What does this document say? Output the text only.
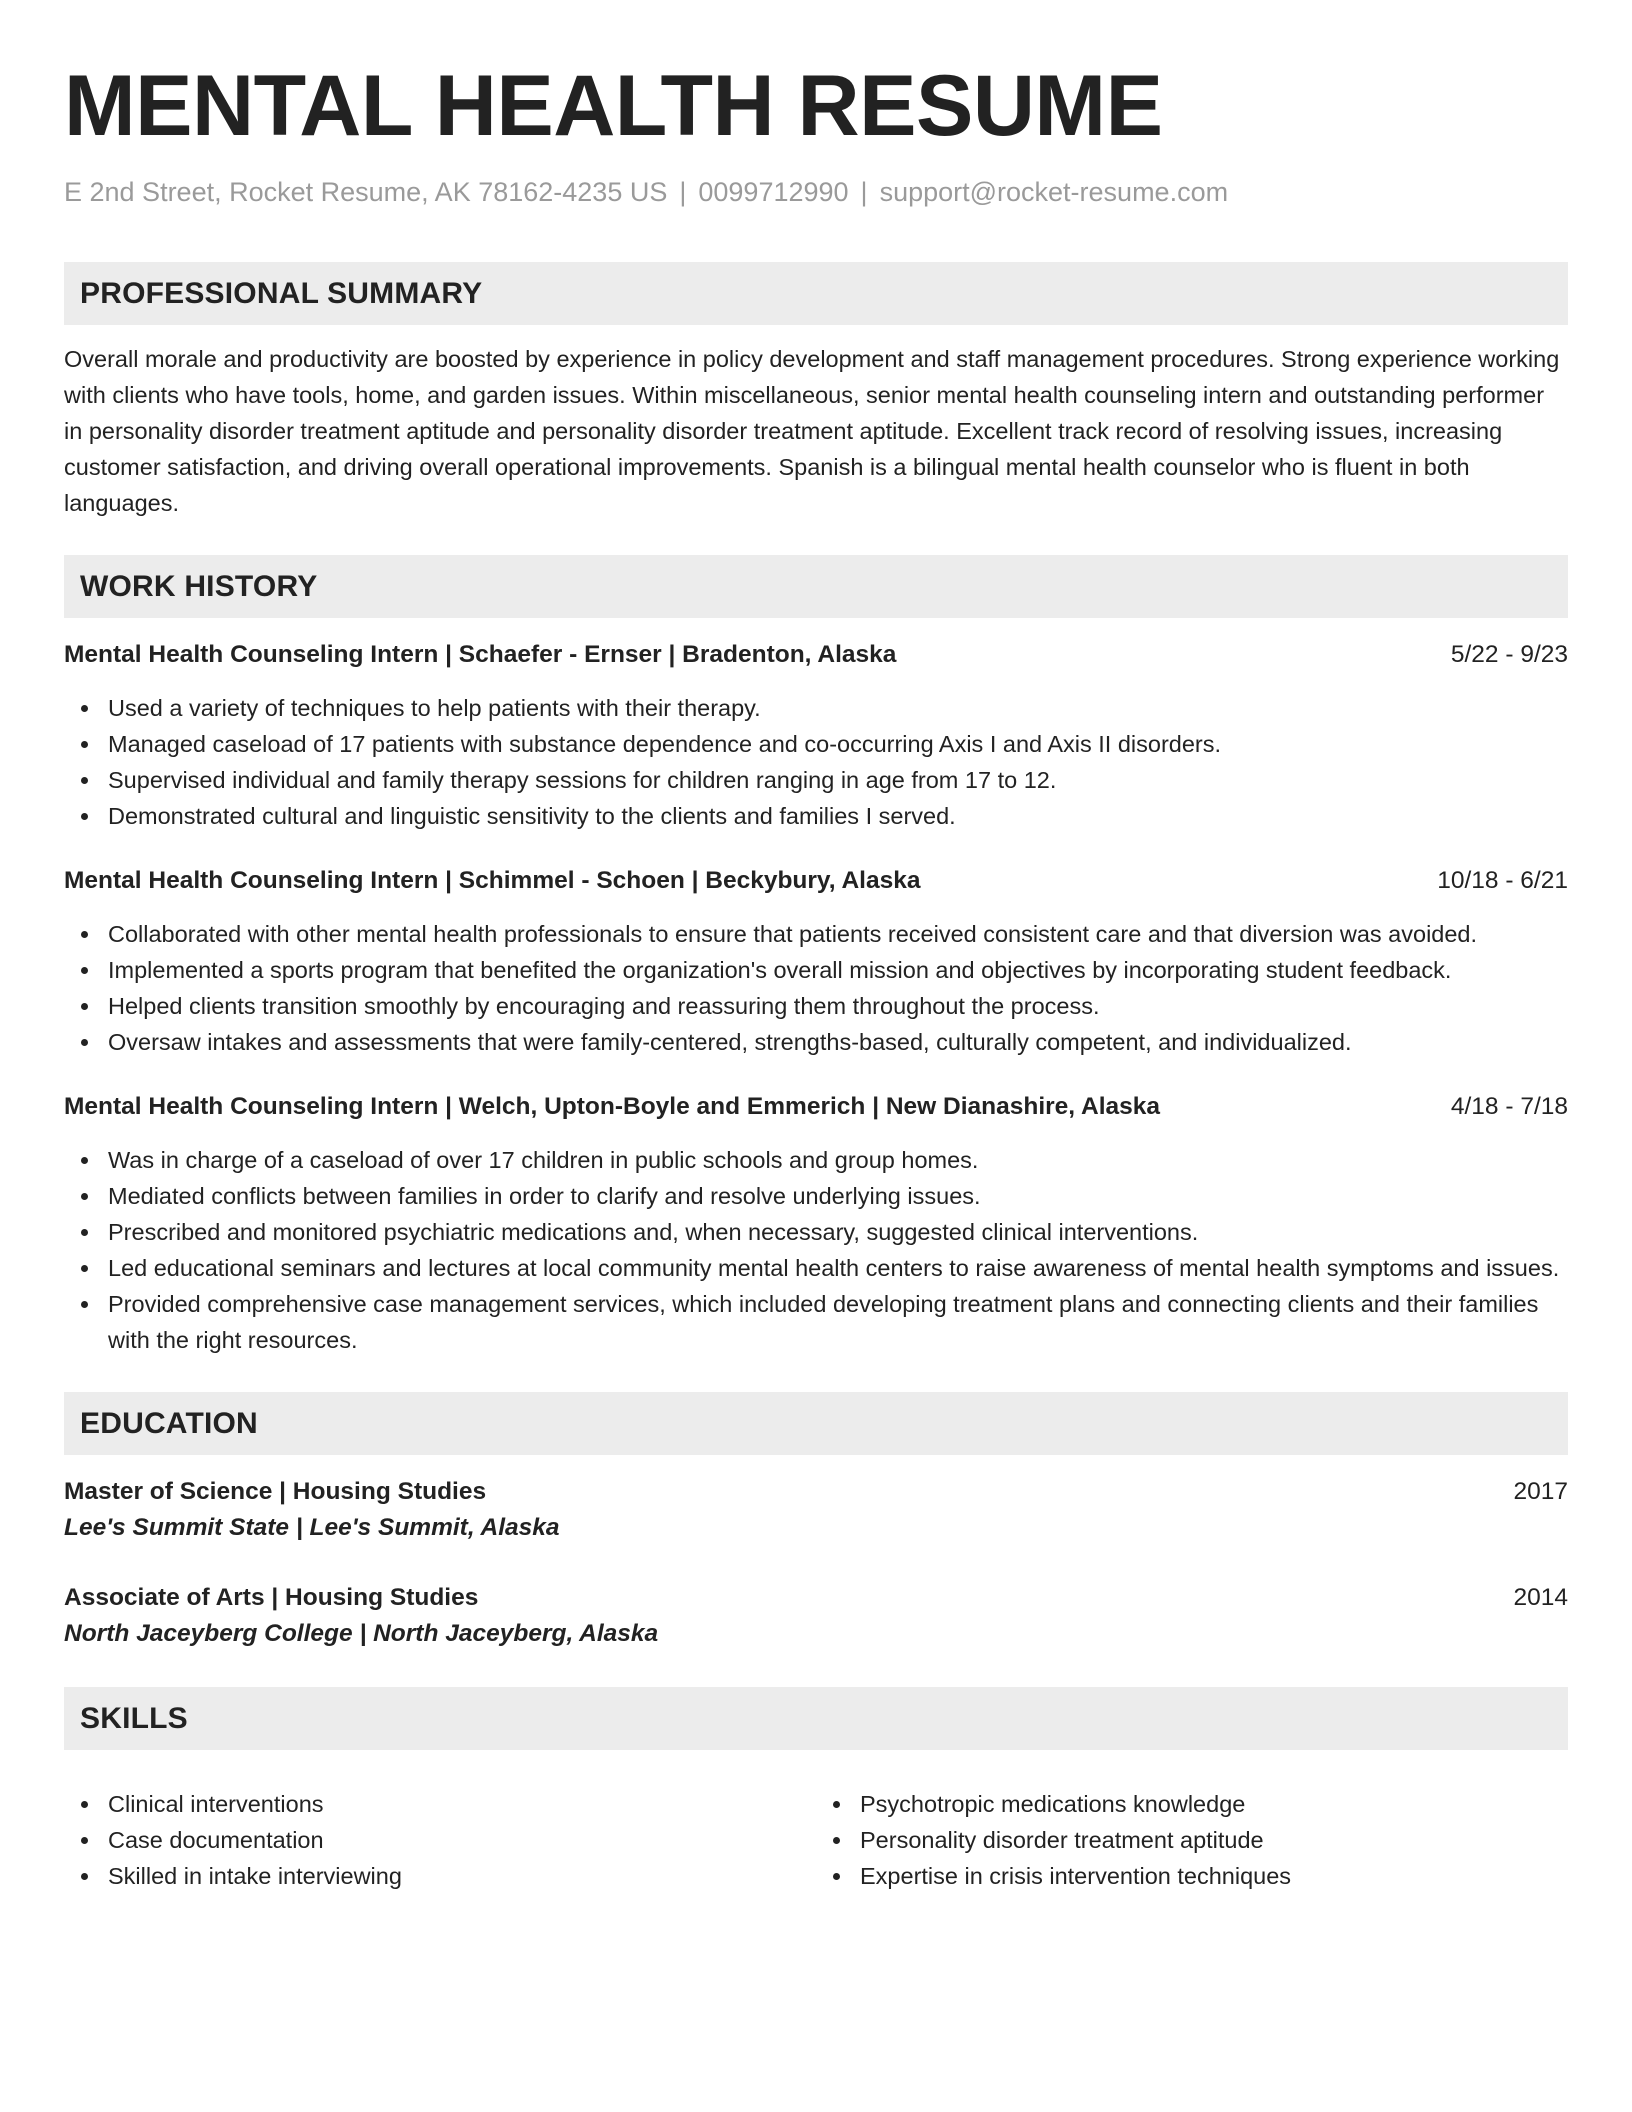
MENTAL HEALTH RESUME
E 2nd Street, Rocket Resume, AK 78162-4235 US | 0099712990 | support@rocket-resume.com
PROFESSIONAL SUMMARY

Overall morale and productivity are boosted by experience in policy development and staff management procedures. Strong experience working with clients who have tools, home, and garden issues. Within miscellaneous, senior mental health counseling intern and outstanding performer in personality disorder treatment aptitude and personality disorder treatment aptitude. Excellent track record of resolving issues, increasing customer satisfaction, and driving overall operational improvements. Spanish is a bilingual mental health counselor who is fluent in both languages.

WORK HISTORY
Mental Health Counseling Intern | Schaefer - Ernser | Bradenton, Alaska	5/22 - 9/23
Used a variety of techniques to help patients with their therapy.
Managed caseload of 17 patients with substance dependence and co-occurring Axis I and Axis II disorders.
Supervised individual and family therapy sessions for children ranging in age from 17 to 12.
Demonstrated cultural and linguistic sensitivity to the clients and families I served.
Mental Health Counseling Intern | Schimmel - Schoen | Beckybury, Alaska	10/18 - 6/21
Collaborated with other mental health professionals to ensure that patients received consistent care and that diversion was avoided.
Implemented a sports program that benefited the organization's overall mission and objectives by incorporating student feedback.
Helped clients transition smoothly by encouraging and reassuring them throughout the process.
Oversaw intakes and assessments that were family-centered, strengths-based, culturally competent, and individualized.
Mental Health Counseling Intern | Welch, Upton-Boyle and Emmerich | New Dianashire, Alaska	4/18 - 7/18
Was in charge of a caseload of over 17 children in public schools and group homes.
Mediated conflicts between families in order to clarify and resolve underlying issues.
Prescribed and monitored psychiatric medications and, when necessary, suggested clinical interventions.
Led educational seminars and lectures at local community mental health centers to raise awareness of mental health symptoms and issues.
Provided comprehensive case management services, which included developing treatment plans and connecting clients and their families with the right resources.
EDUCATION
Master of Science | Housing Studies	2017
Lee's Summit State | Lee's Summit, Alaska
Associate of Arts | Housing Studies	2014
North Jaceyberg College | North Jaceyberg, Alaska
SKILLS
Clinical interventions
Case documentation
Skilled in intake interviewing
Psychotropic medications knowledge
Personality disorder treatment aptitude
Expertise in crisis intervention techniques
